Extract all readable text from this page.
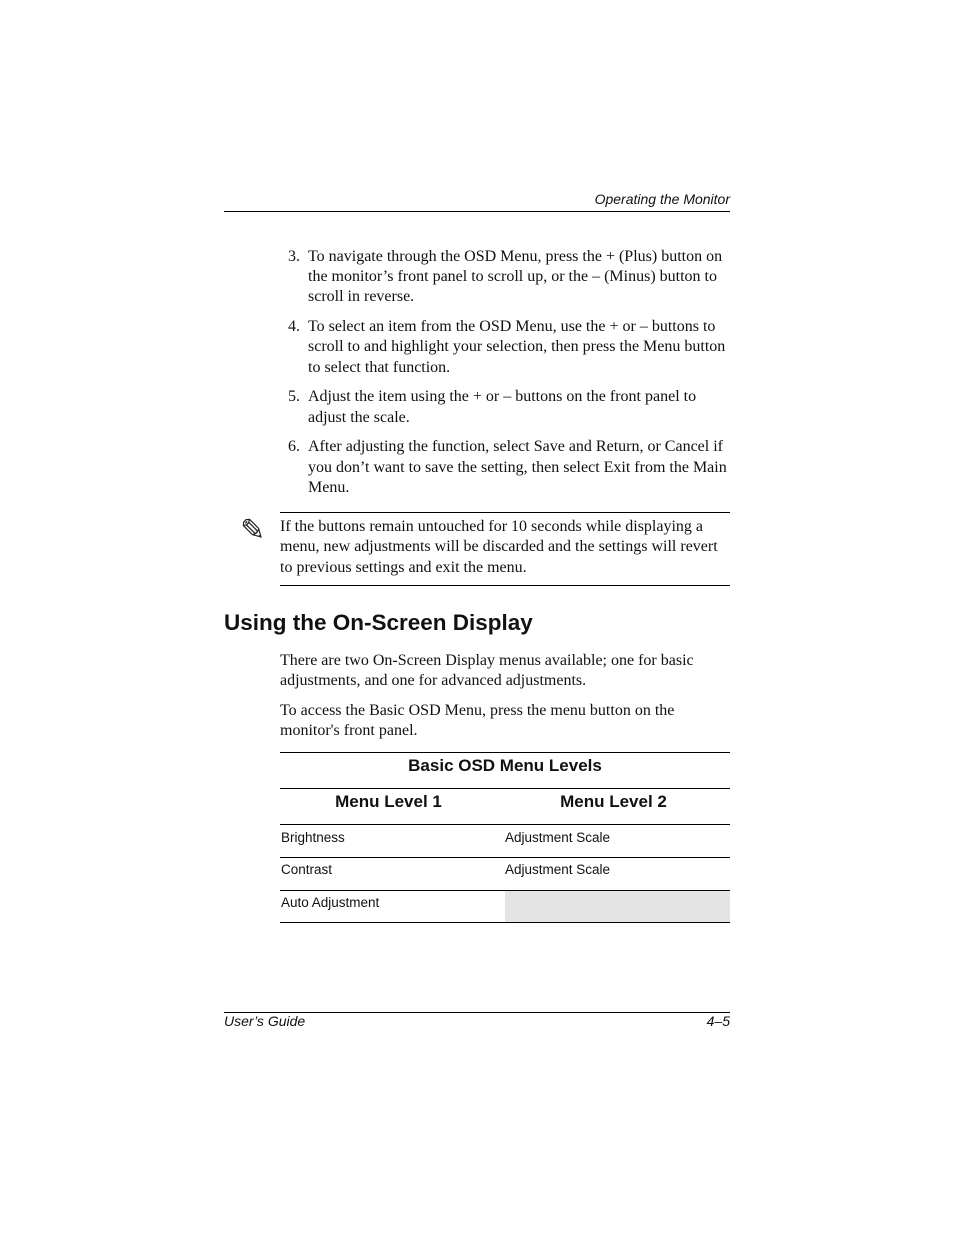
Operating the Monitor
3. To navigate through the OSD Menu, press the + (Plus) button on the monitor’s front panel to scroll up, or the – (Minus) button to scroll in reverse.
4. To select an item from the OSD Menu, use the + or – buttons to scroll to and highlight your selection, then press the Menu button to select that function.
5. Adjust the item using the + or – buttons on the front panel to adjust the scale.
6. After adjusting the function, select Save and Return, or Cancel if you don’t want to save the setting, then select Exit from the Main Menu.
✎ If the buttons remain untouched for 10 seconds while displaying a menu, new adjustments will be discarded and the settings will revert to previous settings and exit the menu.
Using the On-Screen Display

There are two On-Screen Display menus available; one for basic adjustments, and one for advanced adjustments.

To access the Basic OSD Menu, press the menu button on the monitor's front panel.

Basic OSD Menu Levels
Menu Level 1	Menu Level 2
Brightness	Adjustment Scale
Contrast	Adjustment Scale
Auto Adjustment
User’s Guide	4–5
